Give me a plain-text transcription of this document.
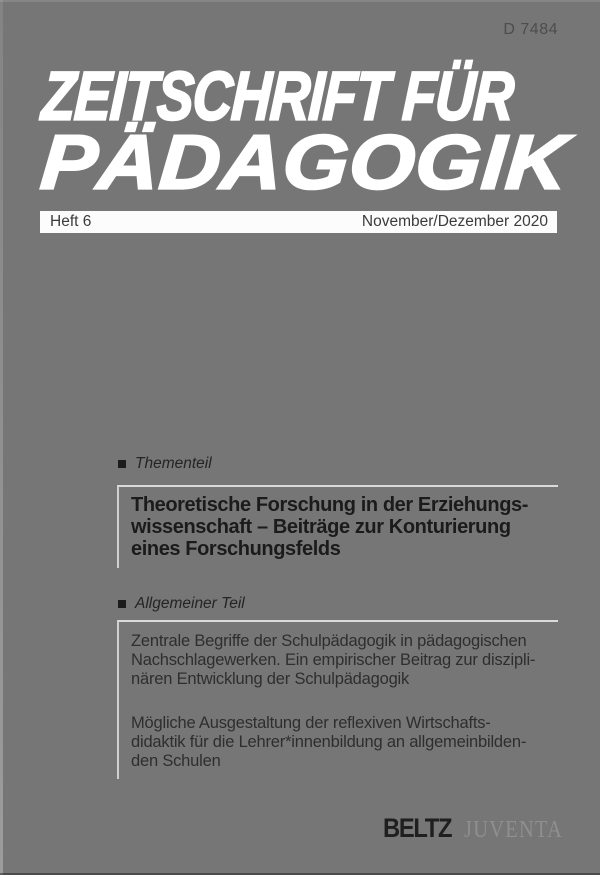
D 7484
ZEITSCHRIFT FÜR
PÄDAGOGIK
Heft 6	November/Dezember 2020
Thementeil

Theoretische Forschung in der Erziehungs-

wissenschaft – Beiträge zur Konturierung

eines Forschungsfelds

Allgemeiner Teil

Zentrale Begriffe der Schulpädagogik in pädagogischen

Nachschlagewerken. Ein empirischer Beitrag zur diszipli-

nären Entwicklung der Schulpädagogik

Mögliche Ausgestaltung der reflexiven Wirtschafts-

didaktik für die Lehrer*innenbildung an allgemeinbilden-

den Schulen

BELTZ JUVENTA
